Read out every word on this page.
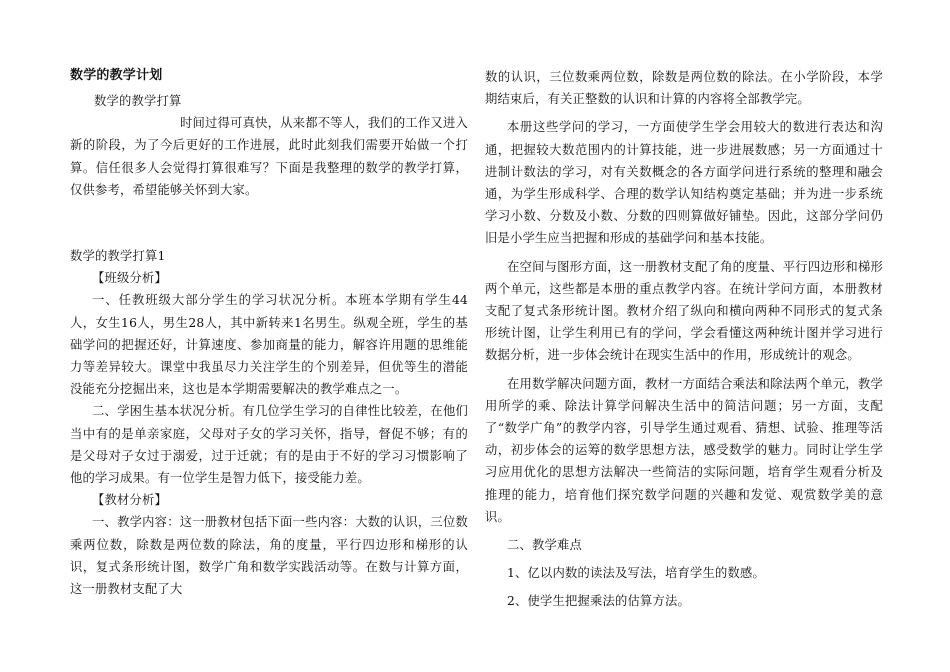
数学的教学计划

数学的教学打算

时间过得可真快，从来都不等人，我们的工作又进入新的阶段，为了今后更好的工作进展，此时此刻我们需要开始做一个打算。信任很多人会觉得打算很难写？下面是我整理的数学的教学打算，仅供参考，希望能够关怀到大家。

数学的教学打算1

【班级分析】

一、任教班级大部分学生的学习状况分析。本班本学期有学生44人，女生16人，男生28人，其中新转来1名男生。纵观全班，学生的基础学问的把握还好，计算速度、参加商量的能力，解容许用题的思维能力等差异较大。课堂中我虽尽力关注学生的个别差异，但优等生的潜能没能充分挖掘出来，这也是本学期需要解决的教学难点之一。

二、学困生基本状况分析。有几位学生学习的自律性比较差，在他们当中有的是单亲家庭，父母对子女的学习关怀，指导，督促不够；有的是父母对子女过于溺爱，过于迁就；有的是由于不好的学习习惯影响了他的学习成果。有一位学生是智力低下，接受能力差。

【教材分析】

一、教学内容：这一册教材包括下面一些内容：大数的认识，三位数乘两位数，除数是两位数的除法，角的度量，平行四边形和梯形的认识，复式条形统计图，数学广角和数学实践活动等。在数与计算方面，这一册教材支配了大

数的认识，三位数乘两位数，除数是两位数的除法。在小学阶段，本学期结束后，有关正整数的认识和计算的内容将全部教学完。

本册这些学问的学习，一方面使学生学会用较大的数进行表达和沟通，把握较大数范围内的计算技能，进一步进展数感；另一方面通过十进制计数法的学习，对有关数概念的各方面学问进行系统的整理和融会通，为学生形成科学、合理的数学认知结构奠定基础；并为进一步系统学习小数、分数及小数、分数的四则算做好铺垫。因此，这部分学问仍旧是小学生应当把握和形成的基础学问和基本技能。

在空间与图形方面，这一册教材支配了角的度量、平行四边形和梯形两个单元，这些都是本册的重点教学内容。在统计学问方面，本册教材支配了复式条形统计图。教材介绍了纵向和横向两种不同形式的复式条形统计图，让学生利用已有的学问，学会看懂这两种统计图并学习进行数据分析，进一步体会统计在现实生活中的作用，形成统计的观念。

在用数学解决问题方面，教材一方面结合乘法和除法两个单元，教学用所学的乘、除法计算学问解决生活中的简洁问题；另一方面，支配了“数学广角”的教学内容，引导学生通过观看、猜想、试验、推理等活动，初步体会的运筹的数学思想方法，感受数学的魅力。同时让学生学习应用优化的思想方法解决一些简洁的实际问题，培育学生观看分析及推理的能力，培育他们探究数学问题的兴趣和发觉、观赏数学美的意识。

二、教学难点

1、亿以内数的读法及写法，培育学生的数感。

2、使学生把握乘法的估算方法。
